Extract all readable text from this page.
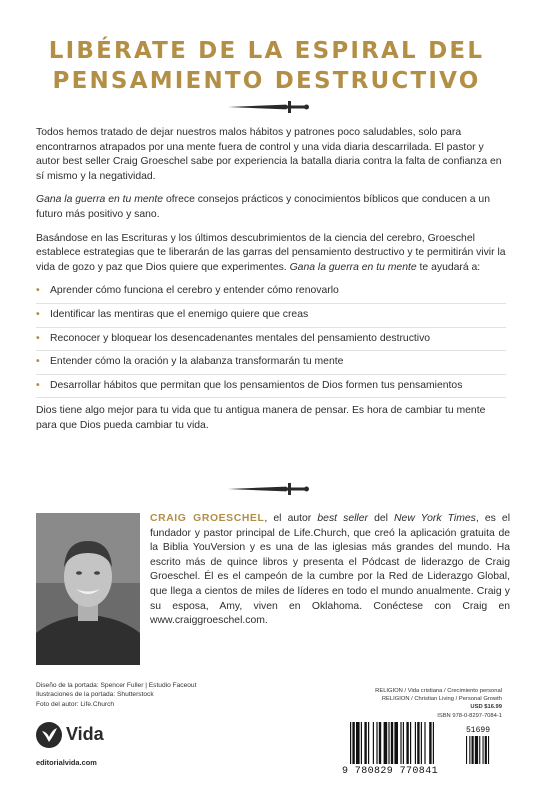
LIBÉRATE DE LA ESPIRAL DEL
PENSAMIENTO DESTRUCTIVO

Todos hemos tratado de dejar nuestros malos hábitos y patrones poco saludables, solo para encontrarnos atrapados por una mente fuera de control y una vida diaria descarrilada. El pastor y autor best seller Craig Groeschel sabe por experiencia la batalla diaria contra la falta de confianza en sí mismo y la negatividad.

Gana la guerra en tu mente ofrece consejos prácticos y conocimientos bíblicos que conducen a un futuro más positivo y sano.

Basándose en las Escrituras y los últimos descubrimientos de la ciencia del cerebro, Groeschel establece estrategias que te liberarán de las garras del pensamiento destructivo y te permitirán vivir la vida de gozo y paz que Dios quiere que experimentes. Gana la guerra en tu mente te ayudará a:

• Aprender cómo funciona el cerebro y entender cómo renovarlo
• Identificar las mentiras que el enemigo quiere que creas
• Reconocer y bloquear los desencadenantes mentales del pensamiento destructivo
• Entender cómo la oración y la alabanza transformarán tu mente
• Desarrollar hábitos que permitan que los pensamientos de Dios formen tus pensamientos

Dios tiene algo mejor para tu vida que tu antigua manera de pensar. Es hora de cambiar tu mente para que Dios pueda cambiar tu vida.

CRAIG GROESCHEL, el autor best seller del New York Times, es el fundador y pastor principal de Life.Church, que creó la aplicación gratuita de la Biblia YouVersion y es una de las iglesias más grandes del mundo. Ha escrito más de quince libros y presenta el Pódcast de liderazgo de Craig Groeschel. Él es el campeón de la cumbre por la Red de Liderazgo Global, que llega a cientos de miles de líderes en todo el mundo anualmente. Craig y su esposa, Amy, viven en Oklahoma. Conéctese con Craig en www.craiggroeschel.com.
Diseño de la portada: Spencer Fuller | Estudio Faceout
Ilustraciones de la portada: Shutterstock
Foto del autor: Life.Church
Vida
editorialvida.com
RELIGION / Vida cristiana / Crecimiento personal
RELIGION / Christian Living / Personal Growth
USD $16.99
ISBN 978-0-8297-7084-1
9 780829 770841
51699
